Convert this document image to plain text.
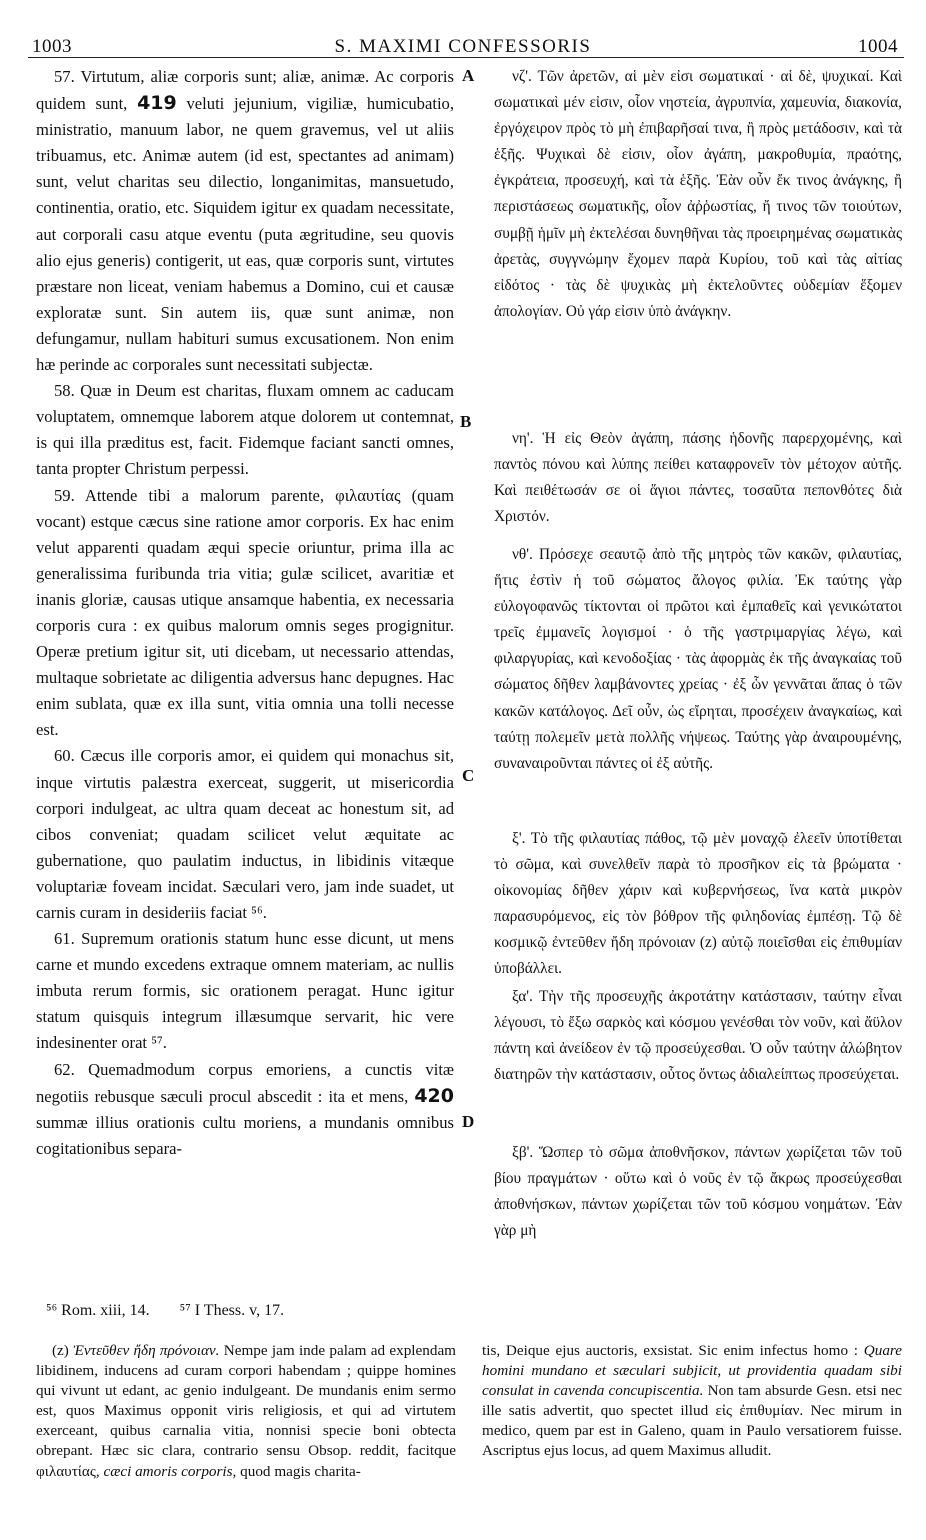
1003	S. MAXIMI CONFESSORIS	1004

57. Virtutum, aliæ corporis sunt; aliæ, animæ. Ac corporis quidem sunt, 419 veluti jejunium, vigiliæ, humicubatio, ministratio, manuum labor, ne quem gravemus, vel ut aliis tribuamus, etc. Animæ autem (id est, spectantes ad animam) sunt, velut charitas seu dilectio, longanimitas, mansuetudo, continentia, oratio, etc. Siquidem igitur ex quadam necessitate, aut corporali casu atque eventu (puta ægritudine, seu quovis alio ejus generis) contigerit, ut eas, quæ corporis sunt, virtutes præstare non liceat, veniam habemus a Domino, cui et causæ exploratæ sunt. Sin autem iis, quæ sunt animæ, non defungamur, nullam habituri sumus excusationem. Non enim hæ perinde ac corporales sunt necessitati subjectæ.

58. Quæ in Deum est charitas, fluxam omnem ac caducam voluptatem, omnemque laborem atque dolorem ut contemnat, is qui illa præditus est, facit. Fidemque faciant sancti omnes, tanta propter Christum perpessi.

59. Attende tibi a malorum parente, φιλαυτίας (quam vocant) estque cæcus sine ratione amor corporis. Ex hac enim velut apparenti quadam æqui specie oriuntur, prima illa ac generalissima furibunda tria vitia; gulæ scilicet, avaritiæ et inanis gloriæ, causas utique ansamque habentia, ex necessaria corporis cura : ex quibus malorum omnis seges progignitur. Operæ pretium igitur sit, uti dicebam, ut necessario attendas, multaque sobrietate ac diligentia adversus hanc depugnes. Hac enim sublata, quæ ex illa sunt, vitia omnia una tolli necesse est.

60. Cæcus ille corporis amor, ei quidem qui monachus sit, inque virtutis palæstra exerceat, suggerit, ut misericordia corpori indulgeat, ac ultra quam deceat ac honestum sit, ad cibos conveniat; quadam scilicet velut æquitate ac gubernatione, quo paulatim inductus, in libidinis vitæque voluptariæ foveam incidat. Sæculari vero, jam inde suadet, ut carnis curam in desideriis faciat ⁵⁶.

61. Supremum orationis statum hunc esse dicunt, ut mens carne et mundo excedens extraque omnem materiam, ac nullis imbuta rerum formis, sic orationem peragat. Hunc igitur statum quisquis integrum illæsumque servarit, hic vere indesinenter orat ⁵⁷.

62. Quemadmodum corpus emoriens, a cunctis vitæ negotiis rebusque sæculi procul abscedit : ita et mens, 420 summæ illius orationis cultu moriens, a mundanis omnibus cogitationibus separa-

A
B
C
D

νζ'. Τῶν ἀρετῶν, αἱ μὲν εἰσι σωματικαί · αἱ δὲ, ψυχικαί. Καὶ σωματικαὶ μέν εἰσιν, οἷον νηστεία, ἀγρυπνία, χαμευνία, διακονία, ἐργόχειρον πρὸς τὸ μὴ ἐπιβαρῆσαί τινα, ἢ πρὸς μετάδοσιν, καὶ τὰ ἑξῆς. Ψυχικαὶ δὲ εἰσιν, οἷον ἀγάπη, μακροθυμία, πραότης, ἐγκράτεια, προσευχή, καὶ τὰ ἑξῆς. Ἐὰν οὖν ἔκ τινος ἀνάγκης, ἢ περιστάσεως σωματικῆς, οἷον ἀῤῥωστίας, ἤ τινος τῶν τοιούτων, συμβῇ ἡμῖν μὴ ἐκτελέσαι δυνηθῆναι τὰς προειρημένας σωματικὰς ἀρετὰς, συγγνώμην ἔχομεν παρὰ Κυρίου, τοῦ καὶ τὰς αἰτίας εἰδότος · τὰς δὲ ψυχικὰς μὴ ἐκτελοῦντες οὐδεμίαν ἕξομεν ἀπολογίαν. Οὐ γάρ εἰσιν ὑπὸ ἀνάγκην.

νη'. Ἡ εἰς Θεὸν ἀγάπη, πάσης ἡδονῆς παρερχομένης, καὶ παντὸς πόνου καὶ λύπης πείθει καταφρονεῖν τὸν μέτοχον αὐτῆς. Καὶ πειθέτωσάν σε οἱ ἅγιοι πάντες, τοσαῦτα πεπονθότες διὰ Χριστόν.

νθ'. Πρόσεχε σεαυτῷ ἀπὸ τῆς μητρὸς τῶν κακῶν, φιλαυτίας, ἥτις ἐστὶν ἡ τοῦ σώματος ἄλογος φιλία. Ἐκ ταύτης γὰρ εὐλογοφανῶς τίκτονται οἱ πρῶτοι καὶ ἐμπαθεῖς καὶ γενικώτατοι τρεῖς ἐμμανεῖς λογισμοί · ὁ τῆς γαστριμαργίας λέγω, καὶ φιλαργυρίας, καὶ κενοδοξίας · τὰς ἀφορμὰς ἐκ τῆς ἀναγκαίας τοῦ σώματος δῆθεν λαμβάνοντες χρείας · ἐξ ὧν γεννᾶται ἅπας ὁ τῶν κακῶν κατάλογος. Δεῖ οὖν, ὡς εἴρηται, προσέχειν ἀναγκαίως, καὶ ταύτῃ πολεμεῖν μετὰ πολλῆς νήψεως. Ταύτης γὰρ ἀναιρουμένης, συναναιροῦνται πάντες οἱ ἐξ αὐτῆς.

ξ'. Τὸ τῆς φιλαυτίας πάθος, τῷ μὲν μοναχῷ ἐλεεῖν ὑποτίθεται τὸ σῶμα, καὶ συνελθεῖν παρὰ τὸ προσῆκον εἰς τὰ βρώματα · οἰκονομίας δῆθεν χάριν καὶ κυβερνήσεως, ἵνα κατὰ μικρὸν παρασυρόμενος, εἰς τὸν βόθρον τῆς φιληδονίας ἐμπέσῃ. Τῷ δὲ κοσμικῷ ἐντεῦθεν ἤδη πρόνοιαν (z) αὐτῷ ποιεῖσθαι εἰς ἐπιθυμίαν ὑποβάλλει.

ξα'. Τὴν τῆς προσευχῆς ἀκροτάτην κατάστασιν, ταύτην εἶναι λέγουσι, τὸ ἔξω σαρκὸς καὶ κόσμου γενέσθαι τὸν νοῦν, καὶ ἄϋλον πάντη καὶ ἀνείδεον ἐν τῷ προσεύχεσθαι. Ὁ οὖν ταύτην ἀλώβητον διατηρῶν τὴν κατάστασιν, οὗτος ὄντως ἀδιαλείπτως προσεύχεται.

ξβ'. Ὥσπερ τὸ σῶμα ἀποθνῆσκον, πάντων χωρίζεται τῶν τοῦ βίου πραγμάτων · οὕτω καὶ ὁ νοῦς ἐν τῷ ἄκρως προσεύχεσθαι ἀποθνήσκων, πάντων χωρίζεται τῶν τοῦ κόσμου νοημάτων. Ἐὰν γὰρ μὴ

⁵⁶ Rom. xiii, 14. ⁵⁷ I Thess. v, 17.

(z) Ἐντεῦθεν ἤδη πρόνοιαν. Nempe jam inde palam ad explendam libidinem, inducens ad curam corpori habendam ; quippe homines qui vivunt ut edant, ac genio indulgeant. De mundanis enim sermo est, quos Maximus opponit viris religiosis, et qui ad virtutem exerceant, quibus carnalia vitia, nonnisi specie boni obtecta obrepant. Hæc sic clara, contrario sensu Obsop. reddit, facitque φιλαυτίας, cæci amoris corporis, quod magis charita-

tis, Deique ejus auctoris, exsistat. Sic enim infectus homo : Quare homini mundano et sæculari subjicit, ut providentia quadam sibi consulat in cavenda concupiscentia. Non tam absurde Gesn. etsi nec ille satis advertit, quo spectet illud εἰς ἐπιθυμίαν. Nec mirum in medico, quem par est in Galeno, quam in Paulo versatiorem fuisse. Ascriptus ejus locus, ad quem Maximus alludit.
